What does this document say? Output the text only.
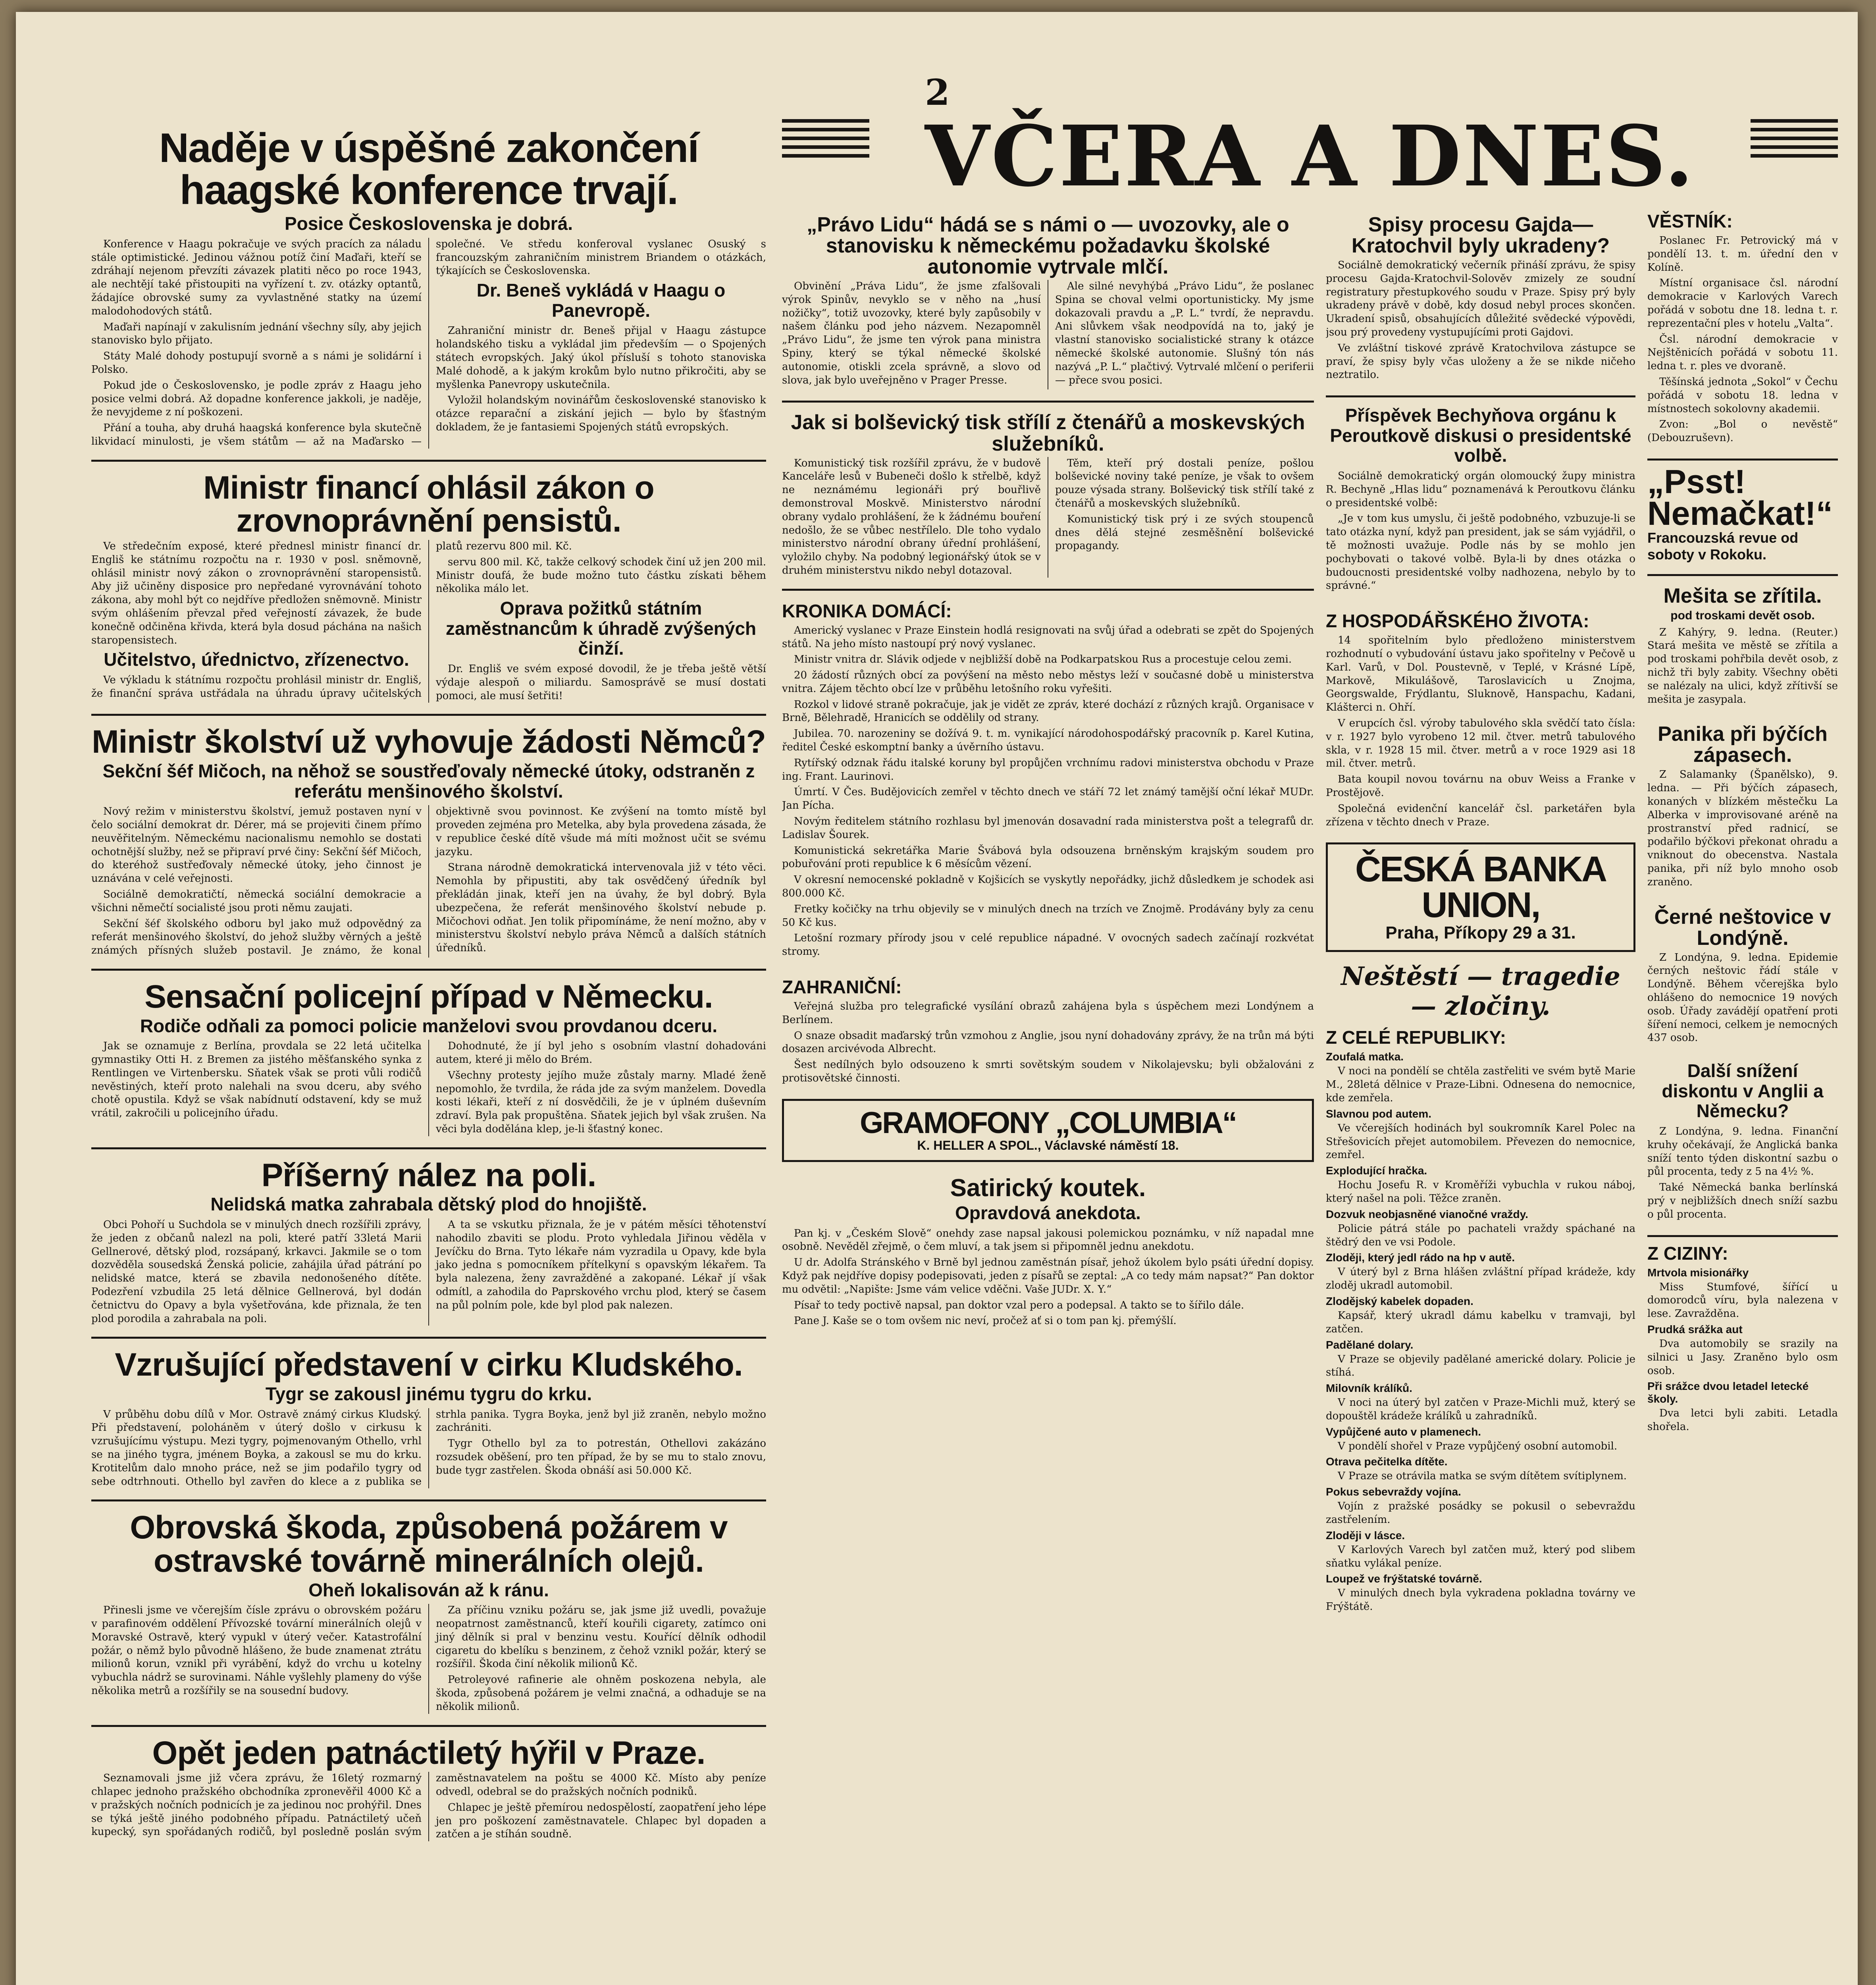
2
Naděje v úspěšné zakončení haagské konference trvají.
Posice Československa je dobrá.

Konference v Haagu pokračuje ve svých pracích za náladu stále optimistické. Jedinou vážnou potíž činí Maďaři, kteří se zdráhají nejenom převzíti závazek platiti něco po roce 1943, ale nechtějí také přistoupiti na vyřízení t. zv. otázky optantů, žádajíce obrovské sumy za vyvlastněné statky na území malodohodových států.

Maďaři napínají v zakulisním jednání všechny síly, aby jejich stanovisko bylo přijato.

Státy Malé dohody postupují svorně a s námi je solidární i Polsko.

Pokud jde o Československo, je podle zpráv z Haagu jeho posice velmi dobrá. Až dopadne konference jakkoli, je naděje, že nevyjdeme z ní poškozeni.

Přání a touha, aby druhá haagská konference byla skutečně likvidací minulosti, je všem státům — až na Maďarsko — společné. Ve středu konferoval vyslanec Osuský s francouzským zahraničním ministrem Briandem o otázkách, týkajících se Československa.

Dr. Beneš vykládá v Haagu o Panevropě.

Zahraniční ministr dr. Beneš přijal v Haagu zástupce holandského tisku a vykládal jim především — o Spojených státech evropských. Jaký úkol přísluší s tohoto stanoviska Malé dohodě, a k jakým krokům bylo nutno přikročiti, aby se myšlenka Panevropy uskutečnila.

Vyložil holandským novinářům československé stanovisko k otázce reparační a ziskání jejich — bylo by šťastným dokladem, že je fantasiemi Spojených států evropských.

Ministr financí ohlásil zákon o zrovnoprávnění pensistů.

Ve středečním exposé, které přednesl ministr financí dr. Engliš ke státnímu rozpočtu na r. 1930 v posl. sněmovně, ohlásil ministr nový zákon o zrovnoprávnění staropensistů. Aby již učiněny disposice pro nepředané vyrovnávání tohoto zákona, aby mohl být co nejdříve předložen sněmovně. Ministr svým ohlášením převzal před veřejností závazek, že bude konečně odčiněna křivda, která byla dosud páchána na našich staropensistech.

Učitelstvo, úřednictvo, zřízenectvo.

Ve výkladu k státnímu rozpočtu prohlásil ministr dr. Engliš, že finanční správa ustřádala na úhradu úpravy učitelských platů rezervu 800 mil. Kč.

servu 800 mil. Kč, takže celkový schodek činí už jen 200 mil. Ministr doufá, že bude možno tuto částku získati během několika málo let.

Oprava požitků státním zaměstnancům k úhradě zvýšených činží.

Dr. Engliš ve svém exposé dovodil, že je třeba ještě větší výdaje alespoň o miliardu. Samosprávě se musí dostati pomoci, ale musí šetřiti!

Ministr školství už vyhovuje žádosti Němců?
Sekční šéf Mičoch, na něhož se soustřeďovaly německé útoky, odstraněn z referátu menšinového školství.

Nový režim v ministerstvu školství, jemuž postaven nyní v čelo sociální demokrat dr. Dérer, má se projeviti činem přímo neuvěřitelným. Německému nacionalismu nemohlo se dostati ochotnější služby, než se připraví prvé činy: Sekční šéf Mičoch, do kteréhož sustřeďovaly německé útoky, jeho činnost je uznávána v celé veřejnosti.

Sociálně demokratičtí, německá sociální demokracie a všichni němečtí socialisté jsou proti němu zaujati.

Sekční šéf školského odboru byl jako muž odpovědný za referát menšinového školství, do jehož služby věrných a ještě známých přísných služeb postavil. Je známo, že konal objektivně svou povinnost. Ke zvýšení na tomto místě byl proveden zejména pro Metelka, aby byla provedena zásada, že v republice české dítě všude má míti možnost učit se svému jazyku.

Strana národně demokratická intervenovala již v této věci. Nemohla by připustiti, aby tak osvědčený úředník byl překládán jinak, kteří jen na úvahy, že byl dobrý. Byla ubezpečena, že referát menšinového školství nebude p. Mičochovi odňat. Jen tolik připomínáme, že není možno, aby v ministerstvu školství nebylo práva Němců a dalších státních úředníků.

Sensační policejní případ v Německu.
Rodiče odňali za pomoci policie manželovi svou provdanou dceru.

Jak se oznamuje z Berlína, provdala se 22 letá učitelka gymnastiky Otti H. z Bremen za jistého měšťanského synka z Rentlingen ve Virtenbersku. Sňatek však se proti vůli rodičů nevěstiných, kteří proto nalehali na svou dceru, aby svého chotě opustila. Když se však nabídnutí odstavení, kdy se muž vrátil, zakročili u policejního úřadu.

Dohodnuté, že jí byl jeho s osobním vlastní dohadováni autem, které ji mělo do Brém.

Všechny protesty jejího muže zůstaly marny. Mladé ženě nepomohlo, že tvrdila, že ráda jde za svým manželem. Dovedla kosti lékaři, kteří z ní dosvědčili, že je v úplném duševním zdraví. Byla pak propuštěna. Sňatek jejich byl však zrušen. Na věci byla dodělána klep, je-li šťastný konec.

Příšerný nález na poli.
Nelidská matka zahrabala dětský plod do hnojiště.

Obci Pohoří u Suchdola se v minulých dnech rozšířili zprávy, že jeden z občanů nalezl na poli, které patří 33letá Marii Gellnerové, dětský plod, rozsápaný, krkavci. Jakmile se o tom dozvěděla sousedská Ženská policie, zahájila úřad pátrání po nelidské matce, která se zbavila nedonošeného dítěte. Podezření vzbudila 25 letá dělnice Gellnerová, byl dodán četnictvu do Opavy a byla vyšetřována, kde přiznala, že ten plod porodila a zahrabala na poli.

A ta se vskutku přiznala, že je v pátém měsíci těhotenství nahodilo zbaviti se plodu. Proto vyhledala Jiřinou věděla v Jevíčku do Brna. Tyto lékaře nám vyzradila u Opavy, kde byla jako jedna s pomocníkem přítelkyní s opavským lékařem. Ta byla nalezena, ženy zavražděné a zakopané. Lékař jí však odmítl, a zahodila do Paprskového vrchu plod, který se časem na půl polním pole, kde byl plod pak nalezen.

Vzrušující představení v cirku Kludského.
Tygr se zakousl jinému tygru do krku.

V průběhu dobu dílů v Mor. Ostravě známý cirkus Kludský. Při představení, poloháněm v úterý došlo v cirkusu k vzrušujícímu výstupu. Mezi tygry, pojmenovaným Othello, vrhl se na jiného tygra, jménem Boyka, a zakousl se mu do krku. Krotitelům dalo mnoho práce, než se jim podařilo tygry od sebe odtrhnouti. Othello byl zavřen do klece a z publika se strhla panika. Tygra Boyka, jenž byl již zraněn, nebylo možno zachrániti.

Tygr Othello byl za to potrestán, Othellovi zakázáno rozsudek oběšení, pro ten případ, že by se mu to stalo znovu, bude tygr zastřelen. Škoda obnáší asi 50.000 Kč.

Obrovská škoda, způsobená požárem v ostravské továrně minerálních olejů.
Oheň lokalisován až k ránu.

Přinesli jsme ve včerejším čísle zprávu o obrovském požáru v parafinovém oddělení Přívozské tovární minerálních olejů v Moravské Ostravě, který vypukl v úterý večer. Katastrofální požár, o němž bylo původně hlášeno, že bude znamenat ztrátu milionů korun, vznikl při vyrábění, když do vrchu u kotelny vybuchla nádrž se surovinami. Náhle vyšlehly plameny do výše několika metrů a rozšířily se na sousední budovy.

Za příčinu vzniku požáru se, jak jsme již uvedli, považuje neopatrnost zaměstnanců, kteří kouřili cigarety, zatímco oni jiný dělník si pral v benzinu vestu. Kouřící dělník odhodil cigaretu do kbelíku s benzinem, z čehož vznikl požár, který se rozšířil. Škoda činí několik milionů Kč.

Petroleyové rafinerie ale ohněm poskozena nebyla, ale škoda, způsobená požárem je velmi značná, a odhaduje se na několik milionů.

Opět jeden patnáctiletý hýřil v Praze.

Seznamovali jsme již včera zprávu, že 16letý rozmarný chlapec jednoho pražského obchodníka zpronevěřil 4000 Kč a v pražských nočních podnicích je za jedinou noc prohýřil. Dnes se týká ještě jiného podobného případu. Patnáctiletý učeň kupecký, syn spořádaných rodičů, byl posledně poslán svým zaměstnavatelem na poštu se 4000 Kč. Místo aby peníze odvedl, odebral se do pražských nočních podniků.

Chlapec je ještě přemírou nedospělostí, zaopatření jeho lépe jen pro poškození zaměstnavatele. Chlapec byl dopaden a zatčen a je stíhán soudně.

VČERA A DNES.
„Právo Lidu“ hádá se s námi o — uvozovky, ale o stanovisku k německému požadavku školské autonomie vytrvale mlčí.

Obvinění „Práva Lidu“, že jsme zfalšovali výrok Spinův, nevyklo se v něho na „husí nožičky“, totiž uvozovky, které byly zapůsobily v našem článku pod jeho názvem. Nezapomněl „Právo Lidu“, že jsme ten výrok pana ministra Spiny, který se týkal německé školské autonomie, otiskli zcela správně, a slovo od slova, jak bylo uveřejněno v Prager Presse.

Ale silné nevyhýbá „Právo Lidu“, že poslanec Spina se choval velmi oportunisticky. My jsme dokazovali pravdu a „P. L.“ tvrdí, že nepravdu. Ani slůvkem však neodpovídá na to, jaký je vlastní stanovisko socialistické strany k otázce německé školské autonomie. Slušný tón nás nazývá „P. L.“ plačtivý. Vytrvalé mlčení o periferii — přece svou posici.

Jak si bolševický tisk střílí z čtenářů a moskevských služebníků.

Komunistický tisk rozšířil zprávu, že v budově Kanceláře lesů v Bubeneči došlo k střelbě, když ne neznámému legionáři prý bouřlivě demonstroval Moskvě. Ministerstvo národní obrany vydalo prohlášení, že k žádnému bouření nedošlo, že se vůbec nestřílelo. Dle toho vydalo ministerstvo národní obrany úřední prohlášení, vyložilo chyby. Na podobný legionářský útok se v druhém ministerstvu nikdo nebyl dotazoval.

Těm, kteří prý dostali peníze, pošlou bolševické noviny také peníze, je však to ovšem pouze výsada strany. Bolševický tisk střílí také z čtenářů a moskevských služebníků.

Komunistický tisk prý i ze svých stoupenců dnes dělá stejné zesměšnění bolševické propagandy.

KRONIKA DOMÁCÍ:

Americký vyslanec v Praze Einstein hodlá resignovati na svůj úřad a odebrati se zpět do Spojených států. Na jeho místo nastoupí prý nový vyslanec.

Ministr vnitra dr. Slávik odjede v nejbližší době na Podkarpatskou Rus a procestuje celou zemi.

20 žádostí různých obcí za povýšení na město nebo městys leží v současné době u ministerstva vnitra. Zájem těchto obcí lze v průběhu letošního roku vyřešiti.

Rozkol v lidové straně pokračuje, jak je vidět ze zpráv, které dochází z různých krajů. Organisace v Brně, Bělehradě, Hranicích se oddělily od strany.

Jubilea. 70. narozeniny se dožívá 9. t. m. vynikající národohospodářský pracovník p. Karel Kutina, ředitel České eskomptní banky a úvěrního ústavu.

Rytířský odznak řádu italské koruny byl propůjčen vrchnímu radovi ministerstva obchodu v Praze ing. Frant. Laurinovi.

Úmrtí. V Čes. Budějovicích zemřel v těchto dnech ve stáří 72 let známý tamější oční lékař MUDr. Jan Pícha.

Novým ředitelem státního rozhlasu byl jmenován dosavadní rada ministerstva pošt a telegrafů dr. Ladislav Šourek.

Komunistická sekretářka Marie Švábová byla odsouzena brněnským krajským soudem pro pobuřování proti republice k 6 měsícům vězení.

V okresní nemocenské pokladně v Kojšicích se vyskytly nepořádky, jichž důsledkem je schodek asi 800.000 Kč.

Fretky kočičky na trhu objevily se v minulých dnech na trzích ve Znojmě. Prodávány byly za cenu 50 Kč kus.

Letošní rozmary přírody jsou v celé republice nápadné. V ovocných sadech začínají rozkvétat stromy.

ZAHRANIČNÍ:

Veřejná služba pro telegrafické vysílání obrazů zahájena byla s úspěchem mezi Londýnem a Berlínem.

O snaze obsadit maďarský trůn vzmohou z Anglie, jsou nyní dohadovány zprávy, že na trůn má býti dosazen arcivévoda Albrecht.

Šest nedílných bylo odsouzeno k smrti sovětským soudem v Nikolajevsku; byli obžalováni z protisovětské činnosti.

GRAMOFONY „COLUMBIA“
K. HELLER A SPOL., Václavské náměstí 18.
Satirický koutek.
Opravdová anekdota.

Pan kj. v „Českém Slově“ onehdy zase napsal jakousi polemickou poznámku, v níž napadal mne osobně. Nevěděl zřejmě, o čem mluví, a tak jsem si připomněl jednu anekdotu.

U dr. Adolfa Stránského v Brně byl jednou zaměstnán písař, jehož úkolem bylo psáti úřední dopisy. Když pak nejdříve dopisy podepisovati, jeden z písařů se zeptal: „A co tedy mám napsat?“ Pan doktor mu odvětil: „Napište: Jsme vám velice vděčni. Vaše JUDr. X. Y.“

Písař to tedy poctivě napsal, pan doktor vzal pero a podepsal. A takto se to šířilo dále.

Pane J. Kaše se o tom ovšem nic neví, pročež ať si o tom pan kj. přemýšlí.

Spisy procesu Gajda—Kratochvil byly ukradeny?

Sociálně demokratický večerník přináší zprávu, že spisy procesu Gajda-Kratochvil-Solověv zmizely ze soudní registratury přestupkového soudu v Praze. Spisy prý byly ukradeny právě v době, kdy dosud nebyl proces skončen. Ukradení spisů, obsahujících důležité svědecké výpovědi, jsou prý provedeny vystupujícími proti Gajdovi.

Ve zvláštní tiskové zprávě Kratochvilova zástupce se praví, že spisy byly včas uloženy a že se nikde ničeho neztratilo.

Příspěvek Bechyňova orgánu k Peroutkově diskusi o presidentské volbě.

Sociálně demokratický orgán olomoucký župy ministra R. Bechyně „Hlas lidu“ poznamenává k Peroutkovu článku o presidentské volbě:

„Je v tom kus umyslu, či ještě podobného, vzbuzuje-li se tato otázka nyní, když pan president, jak se sám vyjádřil, o tě možnosti uvažuje. Podle nás by se mohlo jen pochybovati o takové volbě. Byla-li by dnes otázka o budoucnosti presidentské volby nadhozena, nebylo by to správné.“

Z HOSPODÁŘSKÉHO ŽIVOTA:

14 spořitelním bylo předloženo ministerstvem rozhodnutí o vybudování ústavu jako spořitelny v Pečově u Karl. Varů, v Dol. Poustevně, v Teplé, v Krásné Lípě, Markově, Mikulášově, Taroslavicích u Znojma, Georgswalde, Frýdlantu, Sluknově, Hanspachu, Kadani, Klášterci n. Ohří.

V erupcích čsl. výroby tabulového skla svědčí tato čísla: v r. 1927 bylo vyrobeno 12 mil. čtver. metrů tabulového skla, v r. 1928 15 mil. čtver. metrů a v roce 1929 asi 18 mil. čtver. metrů.

Bata koupil novou továrnu na obuv Weiss a Franke v Prostějově.

Společná evidenční kancelář čsl. parketářen byla zřízena v těchto dnech v Praze.

ČESKÁ BANKA UNION,
Praha, Příkopy 29 a 31.
Neštěstí — tragedie — zločiny.
Z CELÉ REPUBLIKY:
Zoufalá matka.

V noci na pondělí se chtěla zastřeliti ve svém bytě Marie M., 28letá dělnice v Praze-Libni. Odnesena do nemocnice, kde zemřela.

Slavnou pod autem.

Ve včerejších hodinách byl soukromník Karel Polec na Střešovicích přejet automobilem. Převezen do nemocnice, zemřel.

Explodující hračka.

Hochu Josefu R. v Kroměříži vybuchla v rukou náboj, který našel na poli. Těžce zraněn.

Dozvuk neobjasněné vianočné vraždy.

Policie pátrá stále po pachateli vraždy spáchané na štědrý den ve vsi Podole.

Zloději, který jedl rádo na hp v autě.

V úterý byl z Brna hlášen zvláštní případ krádeže, kdy zloděj ukradl automobil.

Zlodějský kabelek dopaden.

Kapsář, který ukradl dámu kabelku v tramvaji, byl zatčen.

Padělané dolary.

V Praze se objevily padělané americké dolary. Policie je stíhá.

Milovník králíků.

V noci na úterý byl zatčen v Praze-Michli muž, který se dopouštěl krádeže králíků u zahradníků.

Vypůjčené auto v plamenech.

V pondělí shořel v Praze vypůjčený osobní automobil.

Otrava pečitelka dítěte.

V Praze se otrávila matka se svým dítětem svítiplynem.

Pokus sebevraždy vojína.

Vojín z pražské posádky se pokusil o sebevraždu zastřelením.

Zloději v lásce.

V Karlových Varech byl zatčen muž, který pod slibem sňatku vylákal peníze.

Loupež ve frýštatské továrně.

V minulých dnech byla vykradena pokladna továrny ve Frýštátě.

VĚSTNÍK:

Poslanec Fr. Petrovický má v pondělí 13. t. m. úřední den v Kolíně.

Místní organisace čsl. národní demokracie v Karlových Varech pořádá v sobotu dne 18. ledna t. r. reprezentační ples v hotelu „Valta“.

Čsl. národní demokracie v Nejštěnicích pořádá v sobotu 11. ledna t. r. ples ve dvoraně.

Těšínská jednota „Sokol“ v Čechu pořádá v sobotu 18. ledna v místnostech sokolovny akademii.

Zvon: „Bol o nevěstě“ (Debouzruševn).

„Psst! Nemačkat!“
Francouzská revue od soboty v Rokoku.
Mešita se zřítila.
pod troskami devět osob.

Z Kahýry, 9. ledna. (Reuter.) Stará mešita ve městě se zřítila a pod troskami pohřbila devět osob, z nichž tři byly zabity. Všechny oběti se nalézaly na ulici, když zřítivší se mešita je zasypala.

Panika při býčích zápasech.

Z Salamanky (Španělsko), 9. ledna. — Při býčích zápasech, konaných v blízkém městečku La Alberka v improvisované aréně na prostranství před radnicí, se podařilo býčkovi překonat ohradu a vniknout do obecenstva. Nastala panika, při níž bylo mnoho osob zraněno.

Černé neštovice v Londýně.

Z Londýna, 9. ledna. Epidemie černých neštovic řádí stále v Londýně. Během včerejška bylo ohlášeno do nemocnice 19 nových osob. Úřady zavádějí opatření proti šíření nemoci, celkem je nemocných 437 osob.

Další snížení diskontu v Anglii a Německu?

Z Londýna, 9. ledna. Finanční kruhy očekávají, že Anglická banka sníží tento týden diskontní sazbu o půl procenta, tedy z 5 na 4½ %.

Také Německá banka berlínská prý v nejbližších dnech sníží sazbu o půl procenta.

Z CIZINY:
Mrtvola misionářky

Miss Stumfové, šířící u domorodců víru, byla nalezena v lese. Zavražděna.

Prudká srážka aut

Dva automobily se srazily na silnici u Jasy. Zraněno bylo osm osob.

Při srážce dvou letadel letecké školy.

Dva letci byli zabiti. Letadla shořela.
